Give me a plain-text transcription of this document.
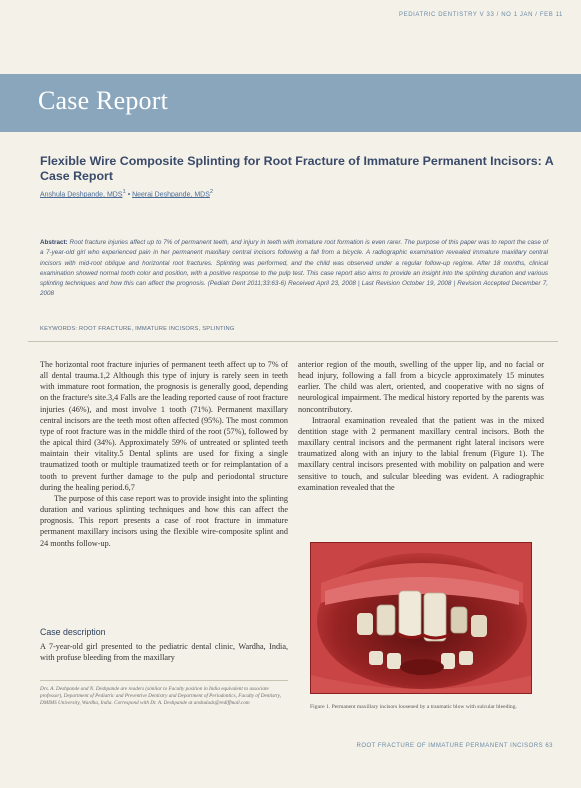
PEDIATRIC DENTISTRY V 33 / NO 1 JAN / FEB 11
Case Report
Flexible Wire Composite Splinting for Root Fracture of Immature Permanent Incisors: A Case Report
Anshula Deshpande, MDS$^1$ • Neeraj Deshpande, MDS$^2$
Abstract: Root fracture injuries affect up to 7% of permanent teeth, and injury in teeth with immature root formation is even rarer. The purpose of this paper was to report the case of a 7-year-old girl who experienced pain in her permanent maxillary central incisors following a fall from a bicycle. A radiographic examination revealed immature maxillary central incisors with mid-root oblique and horizontal root fractures. Splinting was performed, and the child was observed under a regular follow-up regime. After 18 months, clinical examination showed normal tooth color and position, with a positive response to the pulp test. This case report also aims to provide an insight into the splinting duration and various splinting techniques and how this can affect the prognosis. (Pediatr Dent 2011;33:63-6) Received April 23, 2008 | Last Revision October 19, 2008 | Revision Accepted December 7, 2008
KEYWORDS: ROOT FRACTURE, IMMATURE INCISORS, SPLINTING

The horizontal root fracture injuries of permanent teeth affect up to 7% of all dental trauma.1,2 Although this type of injury is rarely seen in teeth with immature root formation, the prognosis is generally good, depending on the fracture's site.3,4 Falls are the leading reported cause of root fracture injuries (46%), and most involve 1 tooth (71%). Permanent maxillary central incisors are the teeth most often affected (95%). The most common type of root fracture was in the middle third of the root (57%), followed by the apical third (34%). Approximately 59% of untreated or splinted teeth maintain their vitality.5 Dental splints are used for fixing a single traumatized tooth or multiple traumatized teeth or for reimplantation of a tooth to prevent further damage to the pulp and periodontal structure during the healing period.6,7

The purpose of this case report was to provide insight into the splinting duration and various splinting techniques and how this can affect the prognosis. This report presents a case of root fracture in immature permanent maxillary incisors using the flexible wire-composite splint and 24 months follow-up.

Case description
A 7-year-old girl presented to the pediatric dental clinic, Wardha, India, with profuse bleeding from the maxillary
Drs. A. Deshpande and N. Deshpande are readers (similar to Faculty position in India equivalent to associate professor), Department of Pediatric and Preventive Dentistry and Department of Periodontics, Faculty of Dentistry, DMIMS University, Wardha, India. Correspond with Dr. A. Deshpande at anshulads@rediffmail.com

anterior region of the mouth, swelling of the upper lip, and no facial or head injury, following a fall from a bicycle approximately 15 minutes earlier. The child was alert, oriented, and cooperative with no signs of neurological impairment. The medical history reported by the parents was noncontributory.

Intraoral examination revealed that the patient was in the mixed dentition stage with 2 permanent maxillary central incisors. Both the maxillary central incisors and the permanent right lateral incisors were traumatized along with an injury to the labial frenum (Figure 1). The maxillary central incisors presented with mobility on palpation and were sensitive to touch, and sulcular bleeding was evident. A radiographic examination revealed that the

Figure 1. Permanent maxillary incisors loosened by a traumatic blow with sulcular bleeding.
ROOT FRACTURE OF IMMATURE PERMANENT INCISORS 63
